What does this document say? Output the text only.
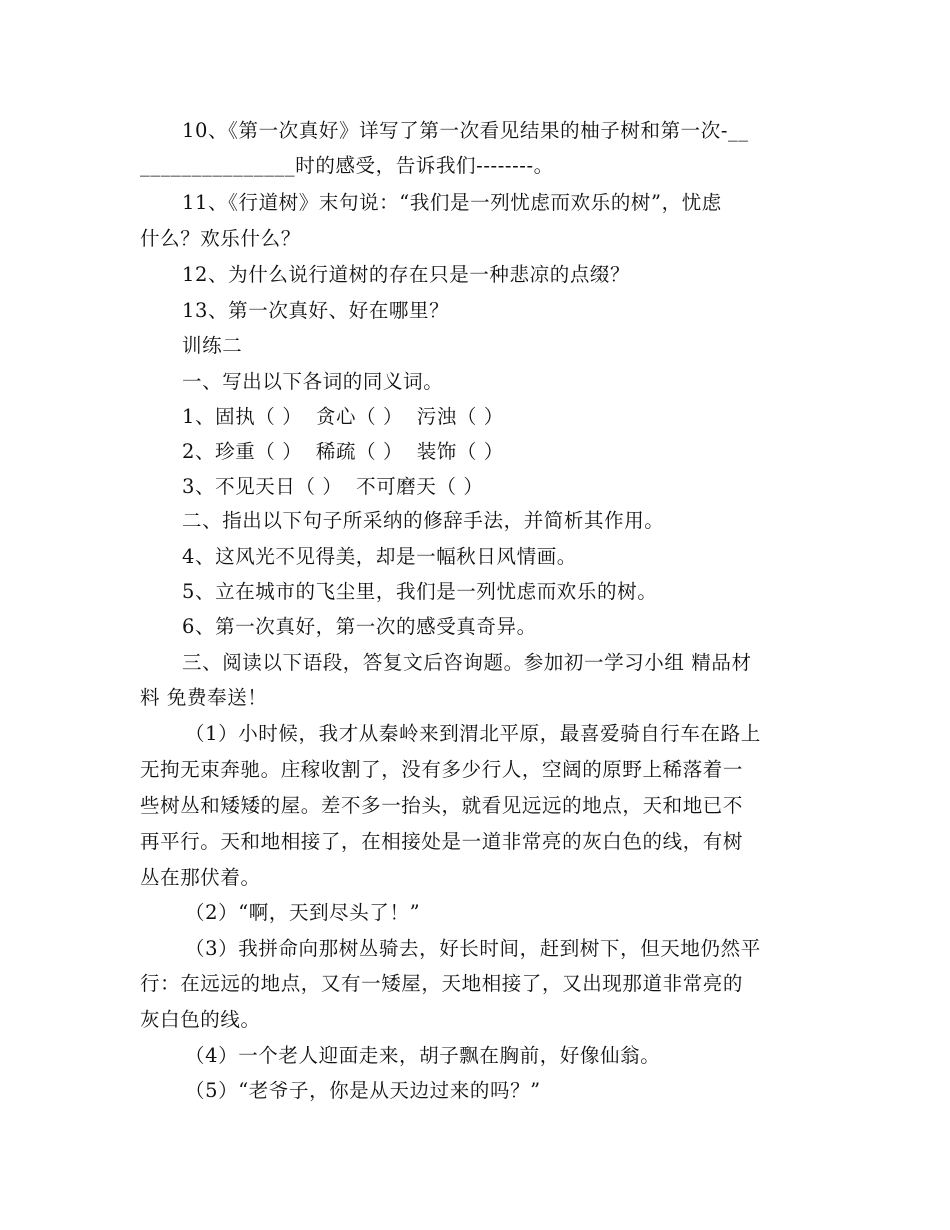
10、《第一次真好》详写了第一次看见结果的柚子树和第一次-__
_______________时的感受，告诉我们--------。
11、《行道树》末句说：“我们是一列忧虑而欢乐的树”，忧虑
什么？欢乐什么？
12、为什么说行道树的存在只是一种悲凉的点缀？
13、第一次真好、好在哪里？
训练二
一、写出以下各词的同义词。
1、固执（ ）  贪心（ ）  污浊（ ）
2、珍重（ ）  稀疏（ ）  装饰（ ）
3、不见天日（ ）  不可磨天（ ）
二、指出以下句子所采纳的修辞手法，并简析其作用。
4、这风光不见得美，却是一幅秋日风情画。
5、立在城市的飞尘里，我们是一列忧虑而欢乐的树。
6、第一次真好，第一次的感受真奇异。
三、阅读以下语段，答复文后咨询题。参加初一学习小组 精品材
料 免费奉送！
（1）小时候，我才从秦岭来到渭北平原，最喜爱骑自行车在路上
无拘无束奔驰。庄稼收割了，没有多少行人，空阔的原野上稀落着一
些树丛和矮矮的屋。差不多一抬头，就看见远远的地点，天和地已不
再平行。天和地相接了，在相接处是一道非常亮的灰白色的线，有树
丛在那伏着。
（2）“啊，天到尽头了！”
（3）我拼命向那树丛骑去，好长时间，赶到树下，但天地仍然平
行：在远远的地点，又有一矮屋，天地相接了，又出现那道非常亮的
灰白色的线。
（4）一个老人迎面走来，胡子飘在胸前，好像仙翁。
（5）“老爷子，你是从天边过来的吗？”
